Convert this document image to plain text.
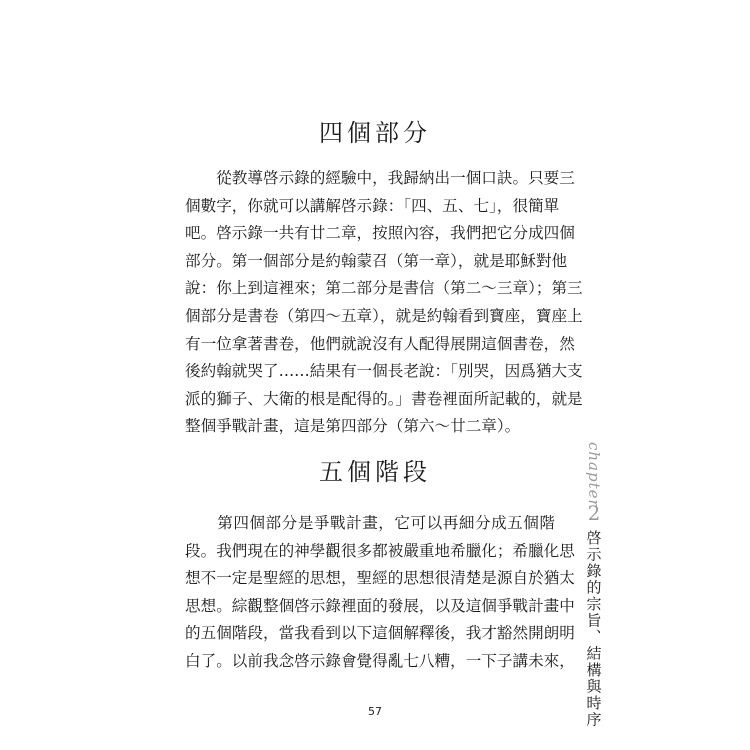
四個部分
　　從教導啓示錄的經驗中，我歸納出一個口訣。只要三
個數字，你就可以講解啓示錄：「四、五、七」，很簡單
吧。啓示錄一共有廿二章，按照內容，我們把它分成四個
部分。第一個部分是約翰蒙召（第一章），就是耶穌對他
說：你上到這裡來；第二部分是書信（第二～三章）；第三
個部分是書卷（第四～五章），就是約翰看到寶座，寶座上
有一位拿著書卷，他們就說沒有人配得展開這個書卷，然
後約翰就哭了……結果有一個長老說：「別哭，因爲猶大支
派的獅子、大衛的根是配得的。」書卷裡面所記載的，就是
整個爭戰計畫，這是第四部分（第六～廿二章）。
五個階段
　　第四個部分是爭戰計畫，它可以再細分成五個階
段。我們現在的神學觀很多都被嚴重地希臘化；希臘化思
想不一定是聖經的思想，聖經的思想很清楚是源自於猶太
思想。綜觀整個啓示錄裡面的發展，以及這個爭戰計畫中
的五個階段，當我看到以下這個解釋後，我才豁然開朗明
白了。以前我念啓示錄會覺得亂七八糟，一下子講未來，
chapter
2
啓示錄的宗旨、結構與時序
57
